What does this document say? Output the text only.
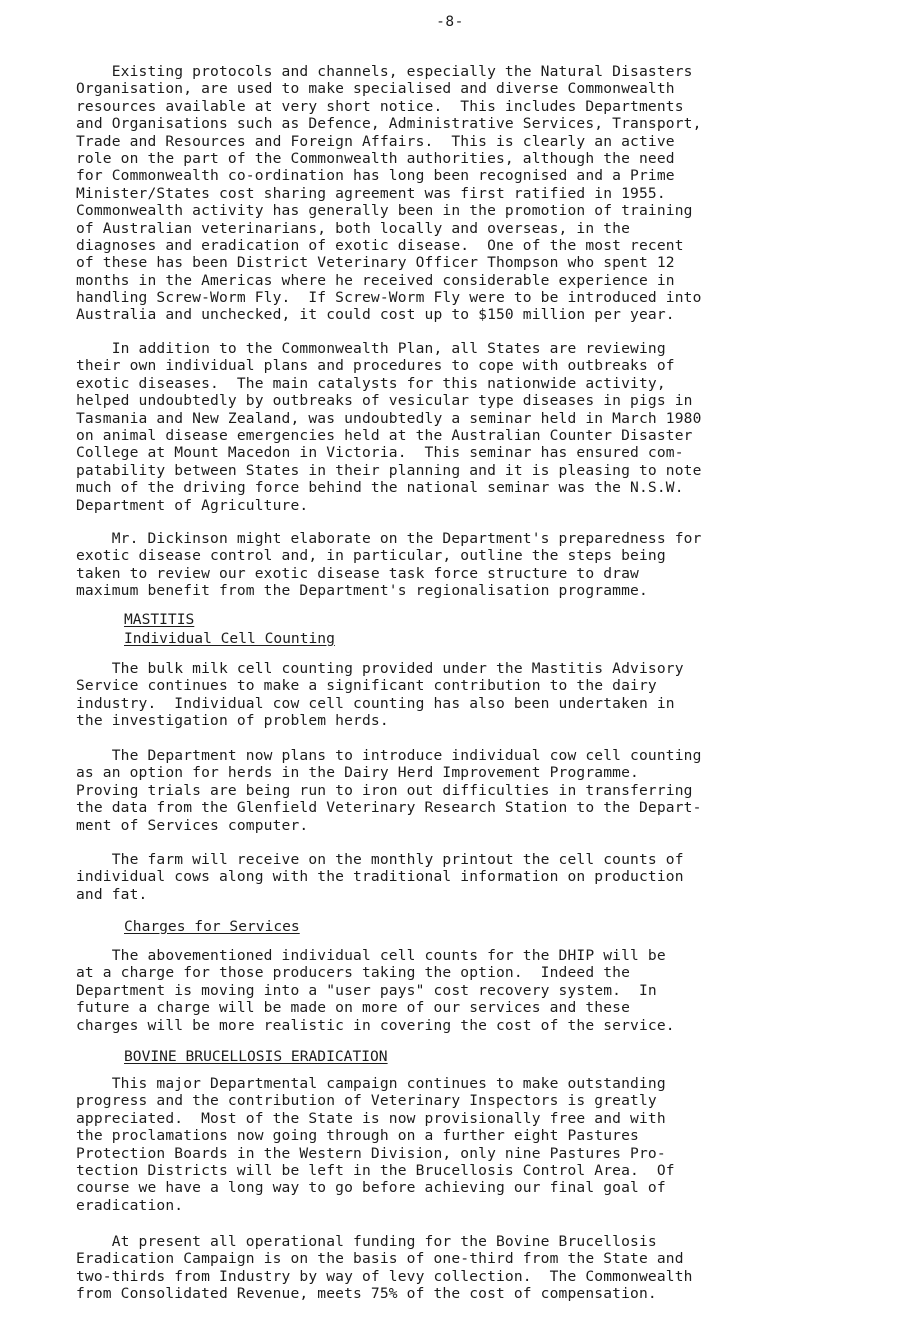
-8-
Existing protocols and channels, especially the Natural Disasters
Organisation, are used to make specialised and diverse Commonwealth
resources available at very short notice.  This includes Departments
and Organisations such as Defence, Administrative Services, Transport,
Trade and Resources and Foreign Affairs.  This is clearly an active
role on the part of the Commonwealth authorities, although the need
for Commonwealth co-ordination has long been recognised and a Prime
Minister/States cost sharing agreement was first ratified in 1955.
Commonwealth activity has generally been in the promotion of training
of Australian veterinarians, both locally and overseas, in the
diagnoses and eradication of exotic disease.  One of the most recent
of these has been District Veterinary Officer Thompson who spent 12
months in the Americas where he received considerable experience in
handling Screw-Worm Fly.  If Screw-Worm Fly were to be introduced into
Australia and unchecked, it could cost up to $150 million per year.
In addition to the Commonwealth Plan, all States are reviewing
their own individual plans and procedures to cope with outbreaks of
exotic diseases.  The main catalysts for this nationwide activity,
helped undoubtedly by outbreaks of vesicular type diseases in pigs in
Tasmania and New Zealand, was undoubtedly a seminar held in March 1980
on animal disease emergencies held at the Australian Counter Disaster
College at Mount Macedon in Victoria.  This seminar has ensured com-
patability between States in their planning and it is pleasing to note
much of the driving force behind the national seminar was the N.S.W.
Department of Agriculture.
Mr. Dickinson might elaborate on the Department's preparedness for
exotic disease control and, in particular, outline the steps being
taken to review our exotic disease task force structure to draw
maximum benefit from the Department's regionalisation programme.
MASTITIS
Individual Cell Counting
The bulk milk cell counting provided under the Mastitis Advisory
Service continues to make a significant contribution to the dairy
industry.  Individual cow cell counting has also been undertaken in
the investigation of problem herds.
The Department now plans to introduce individual cow cell counting
as an option for herds in the Dairy Herd Improvement Programme.
Proving trials are being run to iron out difficulties in transferring
the data from the Glenfield Veterinary Research Station to the Depart-
ment of Services computer.
The farm will receive on the monthly printout the cell counts of
individual cows along with the traditional information on production
and fat.
Charges for Services
The abovementioned individual cell counts for the DHIP will be
at a charge for those producers taking the option.  Indeed the
Department is moving into a "user pays" cost recovery system.  In
future a charge will be made on more of our services and these
charges will be more realistic in covering the cost of the service.
BOVINE BRUCELLOSIS ERADICATION
This major Departmental campaign continues to make outstanding
progress and the contribution of Veterinary Inspectors is greatly
appreciated.  Most of the State is now provisionally free and with
the proclamations now going through on a further eight Pastures
Protection Boards in the Western Division, only nine Pastures Pro-
tection Districts will be left in the Brucellosis Control Area.  Of
course we have a long way to go before achieving our final goal of
eradication.
At present all operational funding for the Bovine Brucellosis
Eradication Campaign is on the basis of one-third from the State and
two-thirds from Industry by way of levy collection.  The Commonwealth
from Consolidated Revenue, meets 75% of the cost of compensation.
